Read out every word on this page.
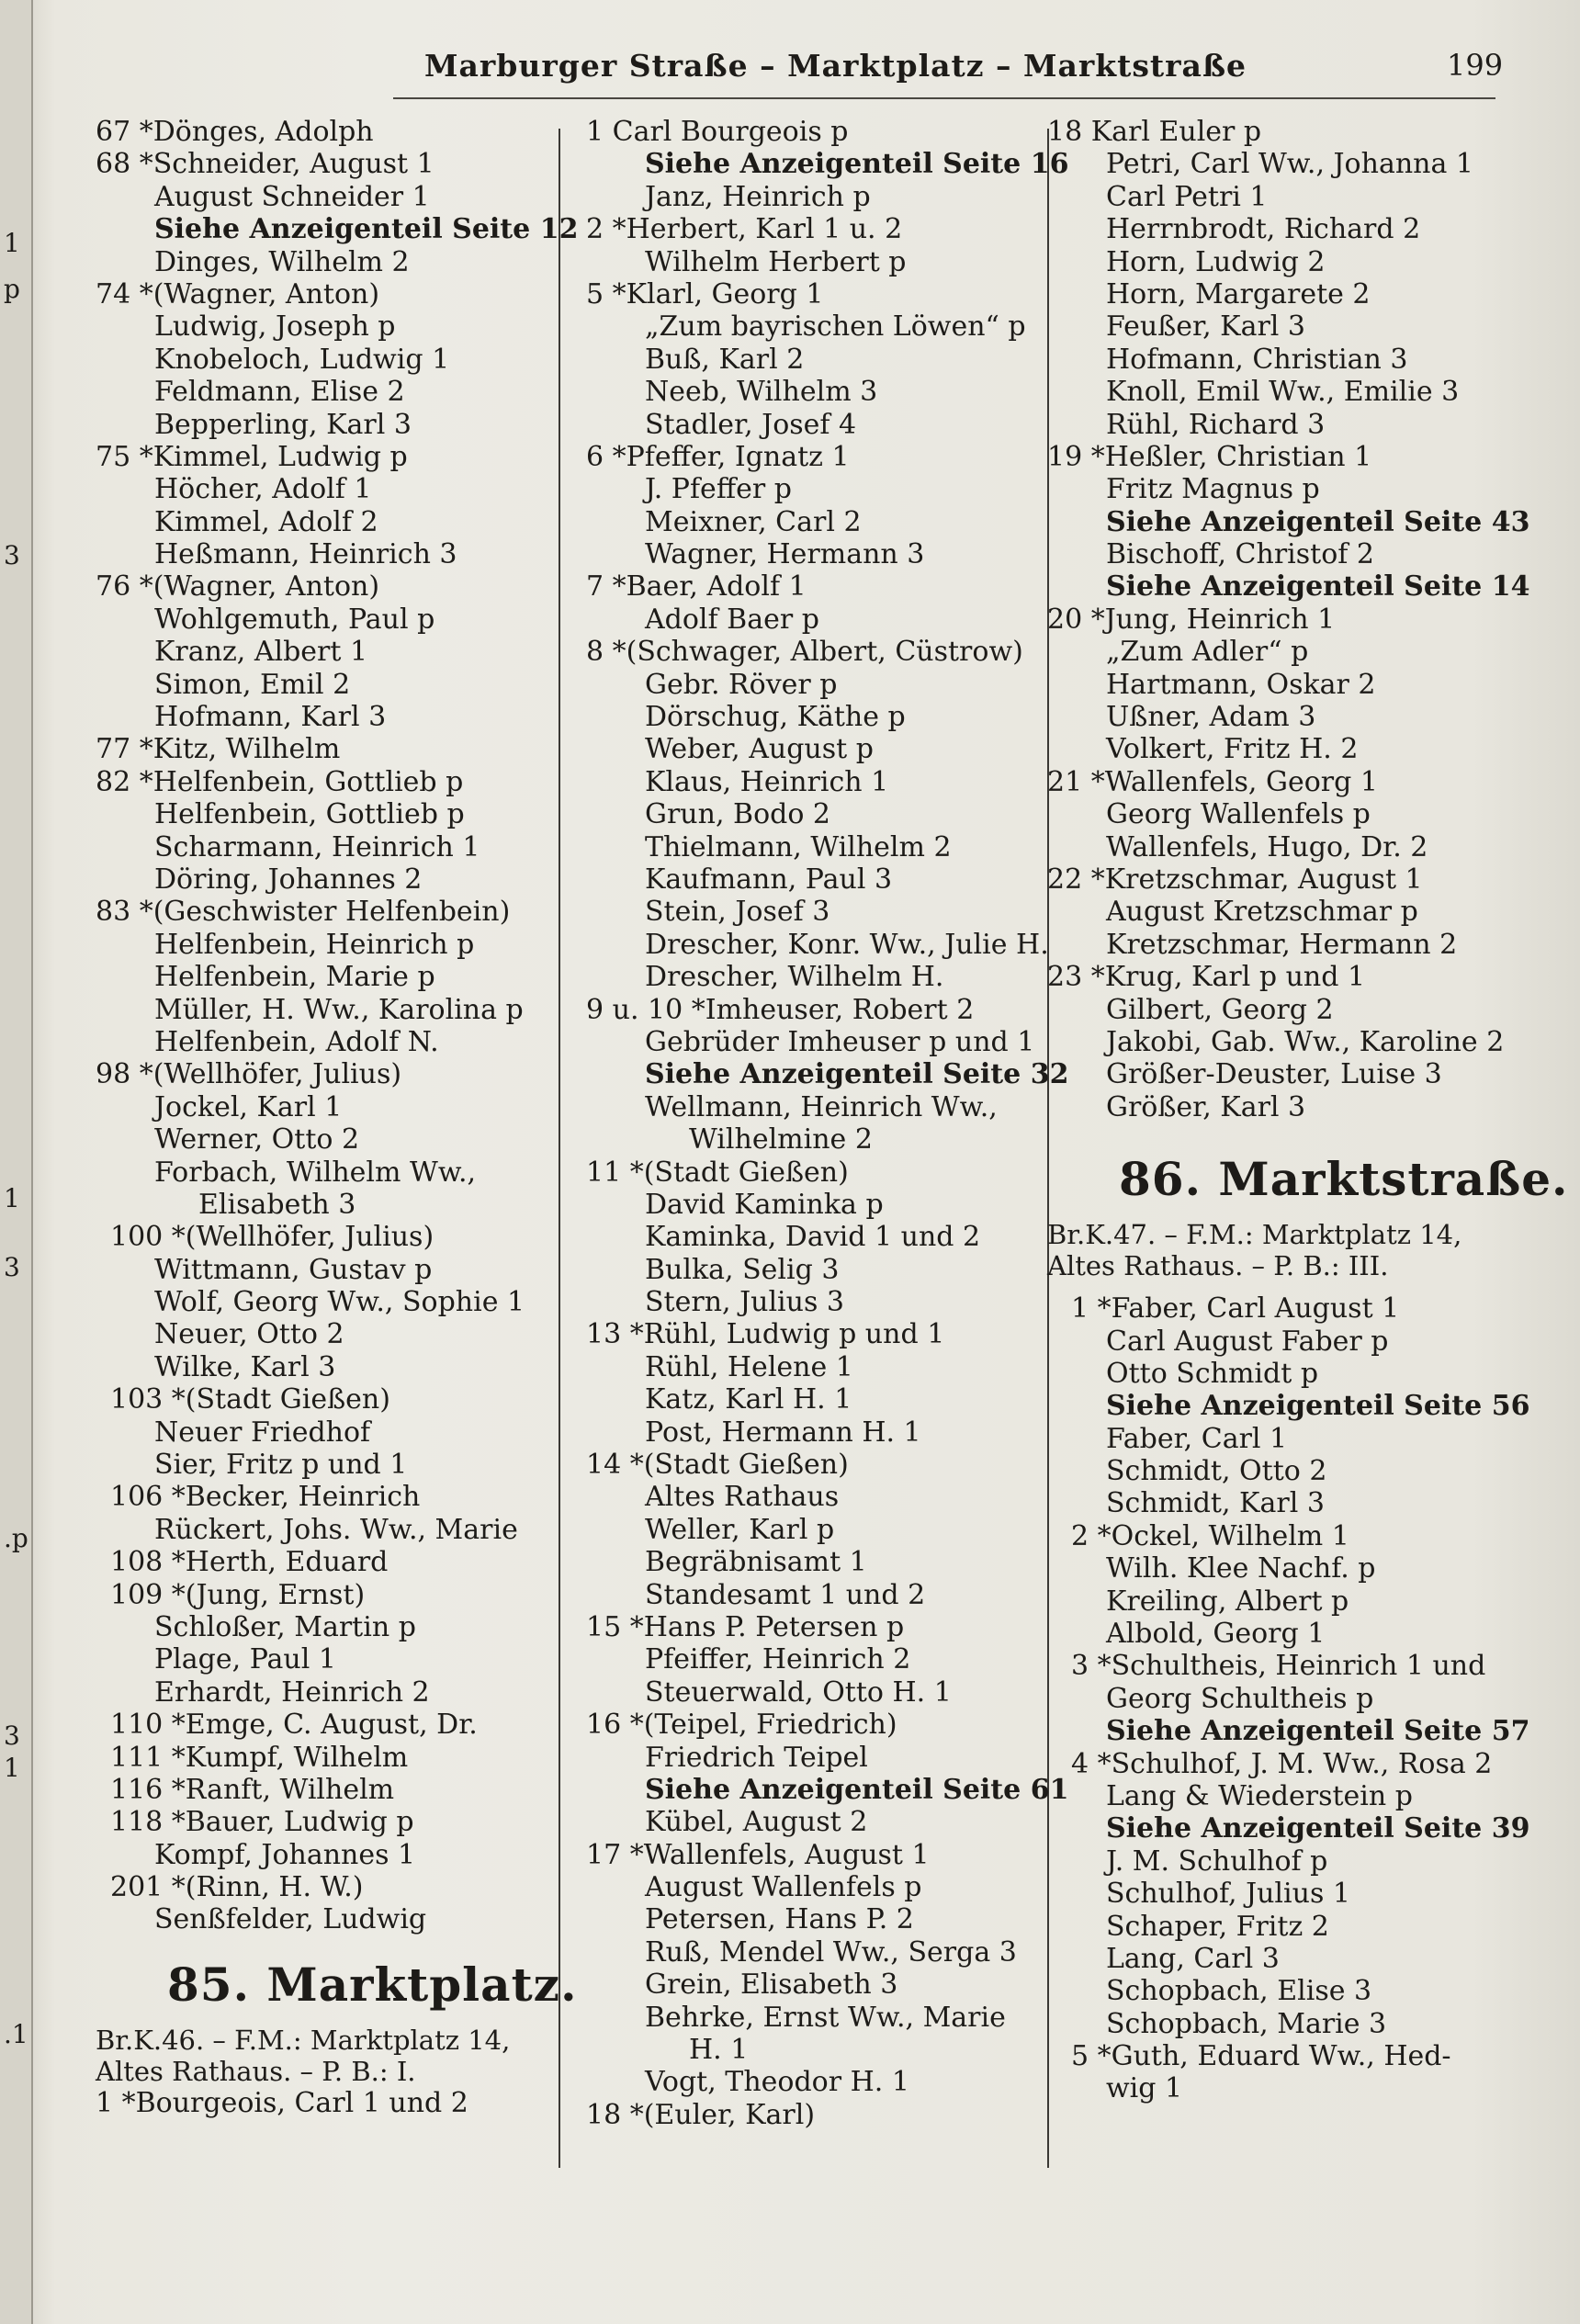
1
p
3
1
3
.p
3
1
.1
Marburger Straße – Marktplatz – Marktstraße	199
67 *Dönges, Adolph
68 *Schneider, August 1
August Schneider 1
Siehe Anzeigenteil Seite 12
Dinges, Wilhelm 2
74 *(Wagner, Anton)
Ludwig, Joseph p
Knobeloch, Ludwig 1
Feldmann, Elise 2
Bepperling, Karl 3
75 *Kimmel, Ludwig p
Höcher, Adolf 1
Kimmel, Adolf 2
Heßmann, Heinrich 3
76 *(Wagner, Anton)
Wohlgemuth, Paul p
Kranz, Albert 1
Simon, Emil 2
Hofmann, Karl 3
77 *Kitz, Wilhelm
82 *Helfenbein, Gottlieb p
Helfenbein, Gottlieb p
Scharmann, Heinrich 1
Döring, Johannes 2
83 *(Geschwister Helfenbein)
Helfenbein, Heinrich p
Helfenbein, Marie p
Müller, H. Ww., Karolina p
Helfenbein, Adolf N.
98 *(Wellhöfer, Julius)
Jockel, Karl 1
Werner, Otto 2
Forbach, Wilhelm Ww.,
Elisabeth 3
100 *(Wellhöfer, Julius)
Wittmann, Gustav p
Wolf, Georg Ww., Sophie 1
Neuer, Otto 2
Wilke, Karl 3
103 *(Stadt Gießen)
Neuer Friedhof
Sier, Fritz p und 1
106 *Becker, Heinrich
Rückert, Johs. Ww., Marie
108 *Herth, Eduard
109 *(Jung, Ernst)
Schloßer, Martin p
Plage, Paul 1
Erhardt, Heinrich 2
110 *Emge, C. August, Dr.
111 *Kumpf, Wilhelm
116 *Ranft, Wilhelm
118 *Bauer, Ludwig p
Kompf, Johannes 1
201 *(Rinn, H. W.)
Senßfelder, Ludwig
85. Marktplatz.
Br.K.46. – F.M.: Marktplatz 14,
Altes Rathaus. – P. B.: I.
1 *Bourgeois, Carl 1 und 2
1 Carl Bourgeois p
Siehe Anzeigenteil Seite 16
Janz, Heinrich p
2 *Herbert, Karl 1 u. 2
Wilhelm Herbert p
5 *Klarl, Georg 1
„Zum bayrischen Löwen“ p
Buß, Karl 2
Neeb, Wilhelm 3
Stadler, Josef 4
6 *Pfeffer, Ignatz 1
J. Pfeffer p
Meixner, Carl 2
Wagner, Hermann 3
7 *Baer, Adolf 1
Adolf Baer p
8 *(Schwager, Albert, Cüstrow)
Gebr. Röver p
Dörschug, Käthe p
Weber, August p
Klaus, Heinrich 1
Grun, Bodo 2
Thielmann, Wilhelm 2
Kaufmann, Paul 3
Stein, Josef 3
Drescher, Konr. Ww., Julie H.
Drescher, Wilhelm H.
9 u. 10 *Imheuser, Robert 2
Gebrüder Imheuser p und 1
Siehe Anzeigenteil Seite 32
Wellmann, Heinrich Ww.,
Wilhelmine 2
11 *(Stadt Gießen)
David Kaminka p
Kaminka, David 1 und 2
Bulka, Selig 3
Stern, Julius 3
13 *Rühl, Ludwig p und 1
Rühl, Helene 1
Katz, Karl H. 1
Post, Hermann H. 1
14 *(Stadt Gießen)
Altes Rathaus
Weller, Karl p
Begräbnisamt 1
Standesamt 1 und 2
15 *Hans P. Petersen p
Pfeiffer, Heinrich 2
Steuerwald, Otto H. 1
16 *(Teipel, Friedrich)
Friedrich Teipel
Siehe Anzeigenteil Seite 61
Kübel, August 2
17 *Wallenfels, August 1
August Wallenfels p
Petersen, Hans P. 2
Ruß, Mendel Ww., Serga 3
Grein, Elisabeth 3
Behrke, Ernst Ww., Marie
H. 1
Vogt, Theodor H. 1
18 *(Euler, Karl)
18 Karl Euler p
Petri, Carl Ww., Johanna 1
Carl Petri 1
Herrnbrodt, Richard 2
Horn, Ludwig 2
Horn, Margarete 2
Feußer, Karl 3
Hofmann, Christian 3
Knoll, Emil Ww., Emilie 3
Rühl, Richard 3
19 *Heßler, Christian 1
Fritz Magnus p
Siehe Anzeigenteil Seite 43
Bischoff, Christof 2
Siehe Anzeigenteil Seite 14
20 *Jung, Heinrich 1
„Zum Adler“ p
Hartmann, Oskar 2
Ußner, Adam 3
Volkert, Fritz H. 2
21 *Wallenfels, Georg 1
Georg Wallenfels p
Wallenfels, Hugo, Dr. 2
22 *Kretzschmar, August 1
August Kretzschmar p
Kretzschmar, Hermann 2
23 *Krug, Karl p und 1
Gilbert, Georg 2
Jakobi, Gab. Ww., Karoline 2
Größer-Deuster, Luise 3
Größer, Karl 3
86. Marktstraße.
Br.K.47. – F.M.: Marktplatz 14,
Altes Rathaus. – P. B.: III.
1 *Faber, Carl August 1
Carl August Faber p
Otto Schmidt p
Siehe Anzeigenteil Seite 56
Faber, Carl 1
Schmidt, Otto 2
Schmidt, Karl 3
2 *Ockel, Wilhelm 1
Wilh. Klee Nachf. p
Kreiling, Albert p
Albold, Georg 1
3 *Schultheis, Heinrich 1 und
Georg Schultheis p
Siehe Anzeigenteil Seite 57
4 *Schulhof, J. M. Ww., Rosa 2
Lang & Wiederstein p
Siehe Anzeigenteil Seite 39
J. M. Schulhof p
Schulhof, Julius 1
Schaper, Fritz 2
Lang, Carl 3
Schopbach, Elise 3
Schopbach, Marie 3
5 *Guth, Eduard Ww., Hed-
wig 1
